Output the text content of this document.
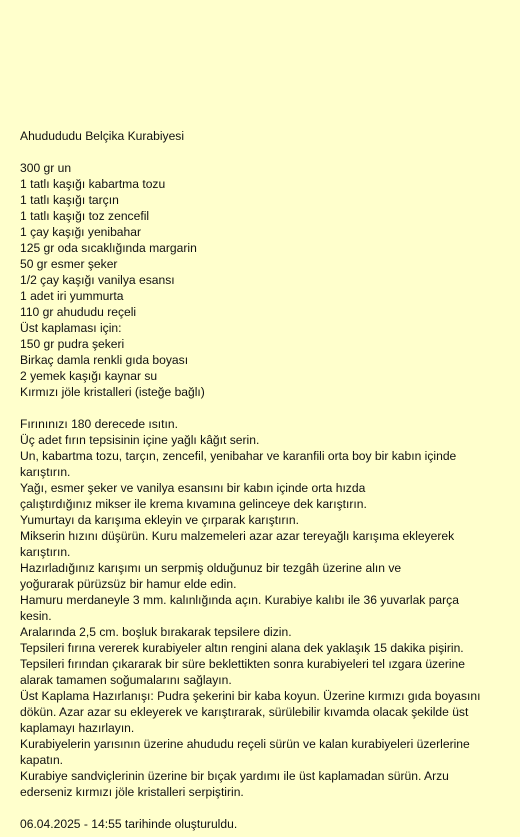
Ahudududu Belçika Kurabiyesi
300 gr un
1 tatlı kaşığı kabartma tozu
1 tatlı kaşığı tarçın
1 tatlı kaşığı toz zencefil
1 çay kaşığı yenibahar
125 gr oda sıcaklığında margarin
50 gr esmer şeker
1/2 çay kaşığı vanilya esansı
1 adet iri yummurta
110 gr ahududu reçeli
Üst kaplaması için:
150 gr pudra şekeri
Birkaç damla renkli gıda boyası
2 yemek kaşığı kaynar su
Kırmızı jöle kristalleri (isteğe bağlı)
Fırınınızı 180 derecede ısıtın.
Üç adet fırın tepsisinin içine yağlı kâğıt serin.
Un, kabartma tozu, tarçın, zencefil, yenibahar ve karanfili orta boy bir kabın içinde karıştırın.
Yağı, esmer şeker ve vanilya esansını bir kabın içinde orta hızda
çalıştırdığınız mikser ile krema kıvamına gelinceye dek karıştırın.
Yumurtayı da karışıma ekleyin ve çırparak karıştırın.
Mikserin hızını düşürün. Kuru malzemeleri azar azar tereyağlı karışıma ekleyerek karıştırın.
Hazırladığınız karışımı un serpmiş olduğunuz bir tezgâh üzerine alın ve
yoğurarak pürüzsüz bir hamur elde edin.
Hamuru merdaneyle 3 mm. kalınlığında açın. Kurabiye kalıbı ile 36 yuvarlak parça kesin.
Aralarında 2,5 cm. boşluk bırakarak tepsilere dizin.
Tepsileri fırına vererek kurabiyeler altın rengini alana dek yaklaşık 15 dakika pişirin.
Tepsileri fırından çıkararak bir süre beklettikten sonra kurabiyeleri tel ızgara üzerine alarak tamamen soğumalarını sağlayın.
Üst Kaplama Hazırlanışı: Pudra şekerini bir kaba koyun. Üzerine kırmızı gıda boyasını dökün. Azar azar su ekleyerek ve karıştırarak, sürülebilir kıvamda olacak şekilde üst kaplamayı hazırlayın.
Kurabiyelerin yarısının üzerine ahududu reçeli sürün ve kalan kurabiyeleri üzerlerine kapatın.
Kurabiye sandviçlerinin üzerine bir bıçak yardımı ile üst kaplamadan sürün. Arzu ederseniz kırmızı jöle kristalleri serpiştirin.
06.04.2025 - 14:55 tarihinde oluşturuldu.
